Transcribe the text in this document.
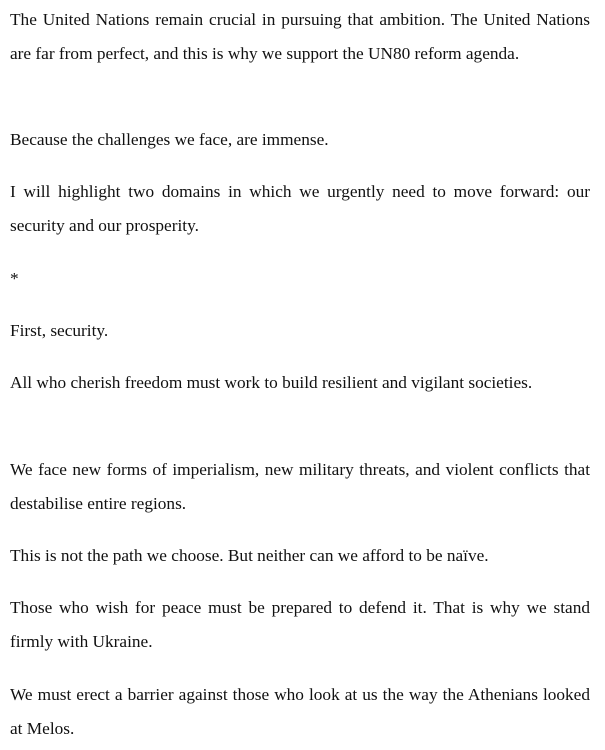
The United Nations remain crucial in pursuing that ambition. The United Nations are far from perfect, and this is why we support the UN80 reform agenda.

Because the challenges we face, are immense.

I will highlight two domains in which we urgently need to move forward: our security and our prosperity.

*

First, security.

All who cherish freedom must work to build resilient and vigilant societies.

We face new forms of imperialism, new military threats, and violent conflicts that destabilise entire regions.

This is not the path we choose. But neither can we afford to be naïve.

Those who wish for peace must be prepared to defend it. That is why we stand firmly with Ukraine.

We must erect a barrier against those who look at us the way the Athenians looked at Melos.
